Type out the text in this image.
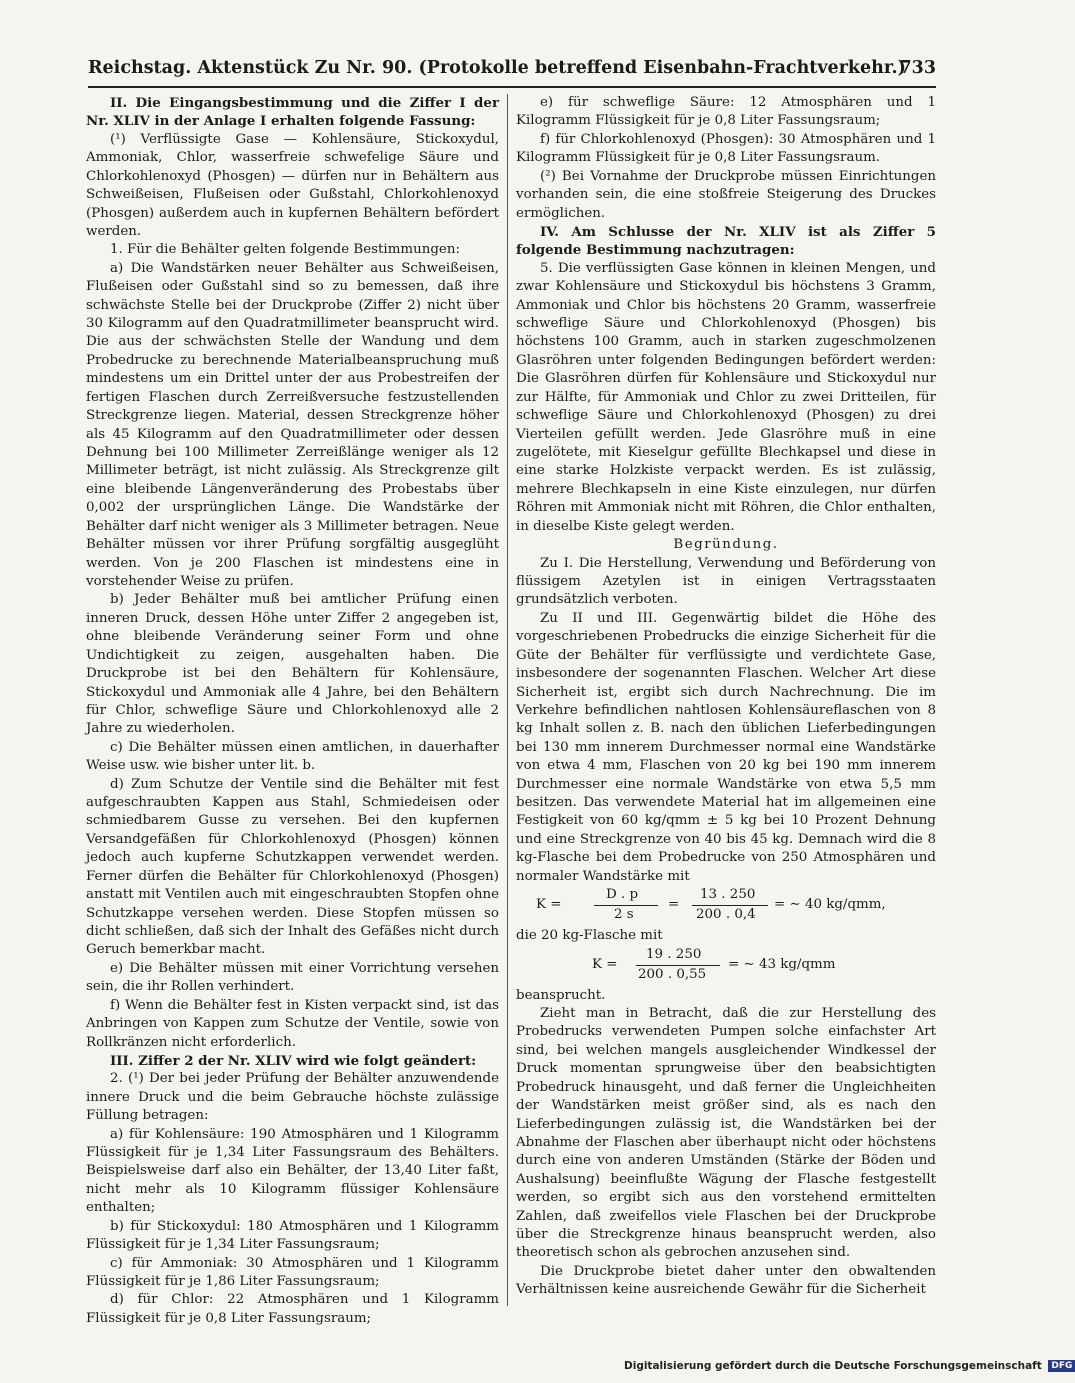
Reichstag. Aktenstück Zu Nr. 90. (Protokolle betreffend Eisenbahn-Frachtverkehr.)
733

II. Die Eingangsbestimmung und die Ziffer I der Nr. XLIV in der Anlage I erhalten folgende Fassung:

(¹) Verflüssigte Gase — Kohlensäure, Stickoxydul, Ammoniak, Chlor, wasserfreie schwefelige Säure und Chlorkohlenoxyd (Phosgen) — dürfen nur in Behältern aus Schweißeisen, Flußeisen oder Gußstahl, Chlorkohlenoxyd (Phosgen) außerdem auch in kupfernen Behältern befördert werden.

1. Für die Behälter gelten folgende Bestimmungen:

a) Die Wandstärken neuer Behälter aus Schweißeisen, Flußeisen oder Gußstahl sind so zu bemessen, daß ihre schwächste Stelle bei der Druckprobe (Ziffer 2) nicht über 30 Kilogramm auf den Quadratmillimeter beansprucht wird. Die aus der schwächsten Stelle der Wandung und dem Probedrucke zu berechnende Materialbeanspruchung muß mindestens um ein Drittel unter der aus Probestreifen der fertigen Flaschen durch Zerreißversuche festzustellenden Streckgrenze liegen. Material, dessen Streckgrenze höher als 45 Kilogramm auf den Quadratmillimeter oder dessen Dehnung bei 100 Millimeter Zerreißlänge weniger als 12 Millimeter beträgt, ist nicht zulässig. Als Streckgrenze gilt eine bleibende Längenveränderung des Probestabs über 0,002 der ursprünglichen Länge. Die Wandstärke der Behälter darf nicht weniger als 3 Millimeter betragen. Neue Behälter müssen vor ihrer Prüfung sorgfältig ausgeglüht werden. Von je 200 Flaschen ist mindestens eine in vorstehender Weise zu prüfen.

b) Jeder Behälter muß bei amtlicher Prüfung einen inneren Druck, dessen Höhe unter Ziffer 2 angegeben ist, ohne bleibende Veränderung seiner Form und ohne Undichtigkeit zu zeigen, ausgehalten haben. Die Druckprobe ist bei den Behältern für Kohlensäure, Stickoxydul und Ammoniak alle 4 Jahre, bei den Behältern für Chlor, schweflige Säure und Chlorkohlenoxyd alle 2 Jahre zu wiederholen.

c) Die Behälter müssen einen amtlichen, in dauerhafter Weise usw. wie bisher unter lit. b.

d) Zum Schutze der Ventile sind die Behälter mit fest aufgeschraubten Kappen aus Stahl, Schmiedeisen oder schmiedbarem Gusse zu versehen. Bei den kupfernen Versandgefäßen für Chlorkohlenoxyd (Phosgen) können jedoch auch kupferne Schutzkappen verwendet werden. Ferner dürfen die Behälter für Chlorkohlenoxyd (Phosgen) anstatt mit Ventilen auch mit eingeschraubten Stopfen ohne Schutzkappe versehen werden. Diese Stopfen müssen so dicht schließen, daß sich der Inhalt des Gefäßes nicht durch Geruch bemerkbar macht.

e) Die Behälter müssen mit einer Vorrichtung versehen sein, die ihr Rollen verhindert.

f) Wenn die Behälter fest in Kisten verpackt sind, ist das Anbringen von Kappen zum Schutze der Ventile, sowie von Rollkränzen nicht erforderlich.

III. Ziffer 2 der Nr. XLIV wird wie folgt geändert:

2. (¹) Der bei jeder Prüfung der Behälter anzuwendende innere Druck und die beim Gebrauche höchste zulässige Füllung betragen:

a) für Kohlensäure: 190 Atmosphären und 1 Kilogramm Flüssigkeit für je 1,34 Liter Fassungsraum des Behälters. Beispielsweise darf also ein Behälter, der 13,40 Liter faßt, nicht mehr als 10 Kilogramm flüssiger Kohlensäure enthalten;

b) für Stickoxydul: 180 Atmosphären und 1 Kilogramm Flüssigkeit für je 1,34 Liter Fassungsraum;

c) für Ammoniak: 30 Atmosphären und 1 Kilogramm Flüssigkeit für je 1,86 Liter Fassungsraum;

d) für Chlor: 22 Atmosphären und 1 Kilogramm Flüssigkeit für je 0,8 Liter Fassungsraum;

e) für schweflige Säure: 12 Atmosphären und 1 Kilogramm Flüssigkeit für je 0,8 Liter Fassungsraum;

f) für Chlorkohlenoxyd (Phosgen): 30 Atmosphären und 1 Kilogramm Flüssigkeit für je 0,8 Liter Fassungsraum.

(²) Bei Vornahme der Druckprobe müssen Einrichtungen vorhanden sein, die eine stoßfreie Steigerung des Druckes ermöglichen.

IV. Am Schlusse der Nr. XLIV ist als Ziffer 5 folgende Bestimmung nachzutragen:

5. Die verflüssigten Gase können in kleinen Mengen, und zwar Kohlensäure und Stickoxydul bis höchstens 3 Gramm, Ammoniak und Chlor bis höchstens 20 Gramm, wasserfreie schweflige Säure und Chlorkohlenoxyd (Phosgen) bis höchstens 100 Gramm, auch in starken zugeschmolzenen Glasröhren unter folgenden Bedingungen befördert werden: Die Glasröhren dürfen für Kohlensäure und Stickoxydul nur zur Hälfte, für Ammoniak und Chlor zu zwei Dritteilen, für schweflige Säure und Chlorkohlenoxyd (Phosgen) zu drei Vierteilen gefüllt werden. Jede Glasröhre muß in eine zugelötete, mit Kieselgur gefüllte Blechkapsel und diese in eine starke Holzkiste verpackt werden. Es ist zulässig, mehrere Blechkapseln in eine Kiste einzulegen, nur dürfen Röhren mit Ammoniak nicht mit Röhren, die Chlor enthalten, in dieselbe Kiste gelegt werden.

Begründung.

Zu I. Die Herstellung, Verwendung und Beförderung von flüssigem Azetylen ist in einigen Vertragsstaaten grundsätzlich verboten.

Zu II und III. Gegenwärtig bildet die Höhe des vorgeschriebenen Probedrucks die einzige Sicherheit für die Güte der Behälter für verflüssigte und verdichtete Gase, insbesondere der sogenannten Flaschen. Welcher Art diese Sicherheit ist, ergibt sich durch Nachrechnung. Die im Verkehre befindlichen nahtlosen Kohlensäureflaschen von 8 kg Inhalt sollen z. B. nach den üblichen Lieferbedingungen bei 130 mm innerem Durchmesser normal eine Wandstärke von etwa 4 mm, Flaschen von 20 kg bei 190 mm innerem Durchmesser eine normale Wandstärke von etwa 5,5 mm besitzen. Das verwendete Material hat im allgemeinen eine Festigkeit von 60 kg/qmm ± 5 kg bei 10 Prozent Dehnung und eine Streckgrenze von 40 bis 45 kg. Demnach wird die 8 kg-Flasche bei dem Probedrucke von 250 Atmosphären und normaler Wandstärke mit

K =
D . p
2 s
=
13 . 250
200 . 0,4
= ∼ 40 kg/qmm,

die 20 kg-Flasche mit

K =
19 . 250
200 . 0,55
= ∼ 43 kg/qmm

beansprucht.

Zieht man in Betracht, daß die zur Herstellung des Probedrucks verwendeten Pumpen solche einfachster Art sind, bei welchen mangels ausgleichender Windkessel der Druck momentan sprungweise über den beabsichtigten Probedruck hinausgeht, und daß ferner die Ungleichheiten der Wandstärken meist größer sind, als es nach den Lieferbedingungen zulässig ist, die Wandstärken bei der Abnahme der Flaschen aber überhaupt nicht oder höchstens durch eine von anderen Umständen (Stärke der Böden und Aushalsung) beeinflußte Wägung der Flasche festgestellt werden, so ergibt sich aus den vorstehend ermittelten Zahlen, daß zweifellos viele Flaschen bei der Druckprobe über die Streckgrenze hinaus beansprucht werden, also theoretisch schon als gebrochen anzusehen sind.

Die Druckprobe bietet daher unter den obwaltenden Verhältnissen keine ausreichende Gewähr für die Sicherheit

Digitalisierung gefördert durch die Deutsche Forschungsgemeinschaft DFG
